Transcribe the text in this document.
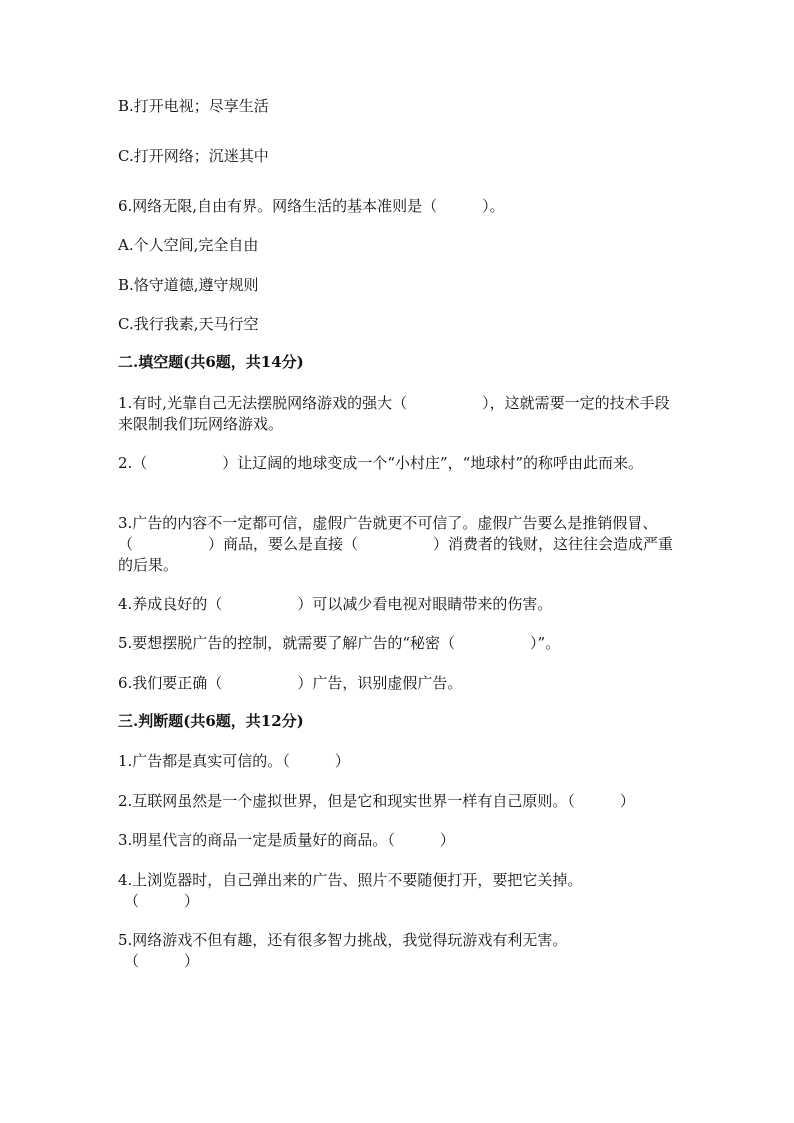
B.打开电视；尽享生活
C.打开网络；沉迷其中
6.网络无限,自由有界。网络生活的基本准则是（　　　）。
A.个人空间,完全自由
B.恪守道德,遵守规则
C.我行我素,天马行空
二.填空题(共6题，共14分)
1.有时,光靠自己无法摆脱网络游戏的强大（　　　　　），这就需要一定的技术手段来限制我们玩网络游戏。
2.（　　　　　）让辽阔的地球变成一个“小村庄”，“地球村”的称呼由此而来。
3.广告的内容不一定都可信，虚假广告就更不可信了。虚假广告要么是推销假冒、（　　　　　）商品，要么是直接（　　　　　）消费者的钱财，这往往会造成严重的后果。
4.养成良好的（　　　　　）可以减少看电视对眼睛带来的伤害。
5.要想摆脱广告的控制，就需要了解广告的“秘密（　　　　　）”。
6.我们要正确（　　　　　）广告，识别虚假广告。
三.判断题(共6题，共12分)
1.广告都是真实可信的。（　　　）
2.互联网虽然是一个虚拟世界，但是它和现实世界一样有自己原则。（　　　）
3.明星代言的商品一定是质量好的商品。（　　　）
4.上浏览器时，自己弹出来的广告、照片不要随便打开，要把它关掉。
（　　　）
5.网络游戏不但有趣，还有很多智力挑战，我觉得玩游戏有利无害。
（　　　）
